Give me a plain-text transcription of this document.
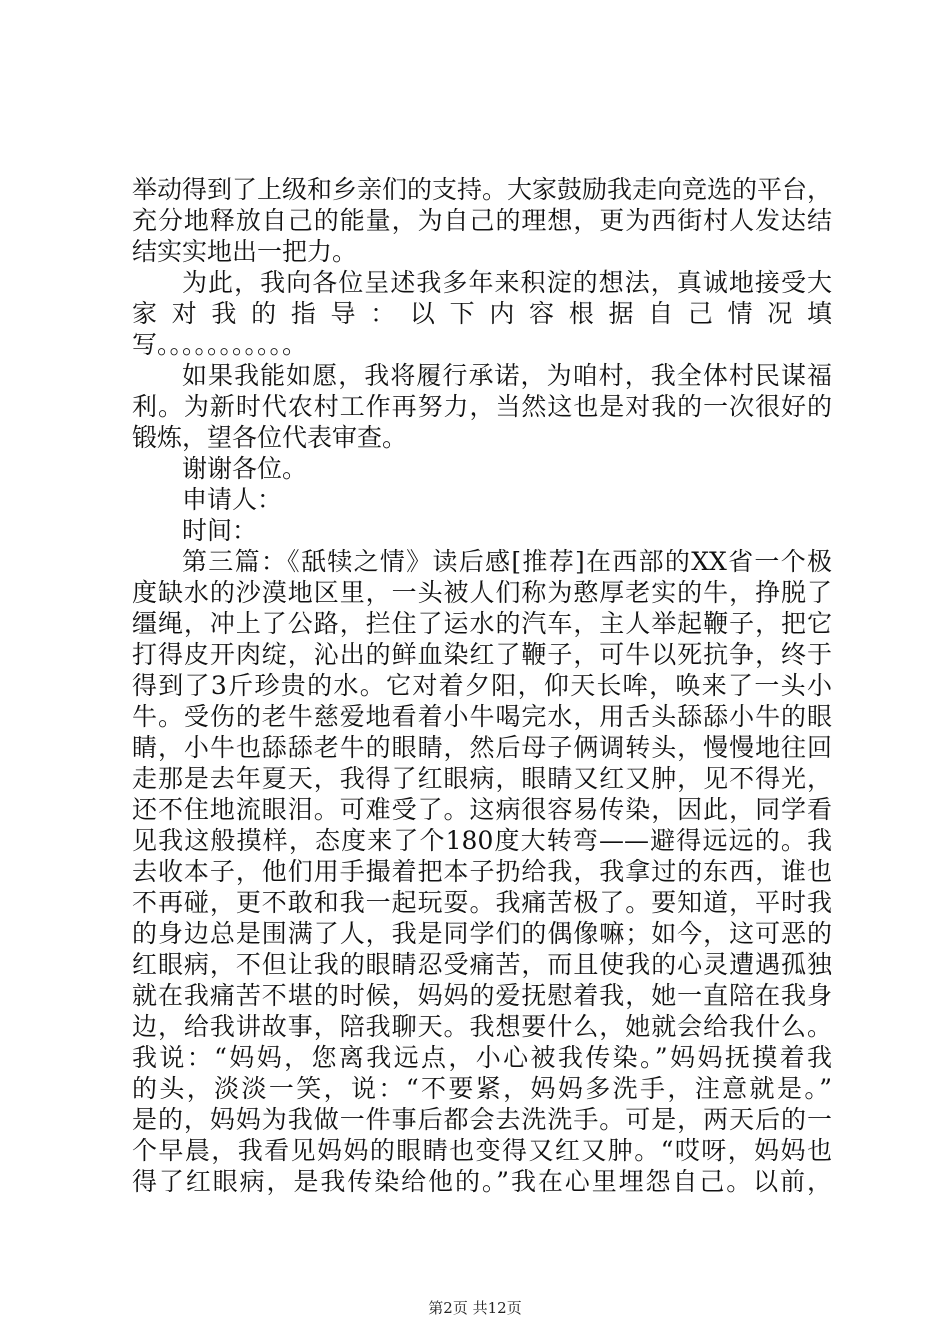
举动得到了上级和乡亲们的支持。大家鼓励我走向竞选的平台，
充分地释放自己的能量，为自己的理想，更为西街村人发达结
结实实地出一把力。
为此，我向各位呈述我多年来积淀的想法，真诚地接受大
家 对 我 的 指 导 ： 以 下 内 容 根 据 自 己 情 况 填
写。。。。。。。。。。。
如果我能如愿，我将履行承诺，为咱村，我全体村民谋福
利。为新时代农村工作再努力，当然这也是对我的一次很好的
锻炼，望各位代表审查。
谢谢各位。
申请人：
时间：
第三篇：《舐犊之情》读后感[推荐]在西部的XX省一个极
度缺水的沙漠地区里，一头被人们称为憨厚老实的牛，挣脱了
缰绳，冲上了公路，拦住了运水的汽车，主人举起鞭子，把它
打得皮开肉绽，沁出的鲜血染红了鞭子，可牛以死抗争，终于
得到了3斤珍贵的水。它对着夕阳，仰天长哞，唤来了一头小
牛。受伤的老牛慈爱地看着小牛喝完水，用舌头舔舔小牛的眼
睛，小牛也舔舔老牛的眼睛，然后母子俩调转头，慢慢地往回
走那是去年夏天，我得了红眼病，眼睛又红又肿，见不得光，
还不住地流眼泪。可难受了。这病很容易传染，因此，同学看
见我这般摸样，态度来了个180度大转弯——避得远远的。我
去收本子，他们用手撮着把本子扔给我，我拿过的东西，谁也
不再碰，更不敢和我一起玩耍。我痛苦极了。要知道，平时我
的身边总是围满了人，我是同学们的偶像嘛；如今，这可恶的
红眼病，不但让我的眼睛忍受痛苦，而且使我的心灵遭遇孤独
就在我痛苦不堪的时候，妈妈的爱抚慰着我，她一直陪在我身
边，给我讲故事，陪我聊天。我想要什么，她就会给我什么。
我说：“妈妈，您离我远点，小心被我传染。”妈妈抚摸着我
的头，淡淡一笑，说：“不要紧，妈妈多洗手，注意就是。”
是的，妈妈为我做一件事后都会去洗洗手。可是，两天后的一
个早晨，我看见妈妈的眼睛也变得又红又肿。“哎呀，妈妈也
得了红眼病，是我传染给他的。”我在心里埋怨自己。以前，
第2页 共12页
